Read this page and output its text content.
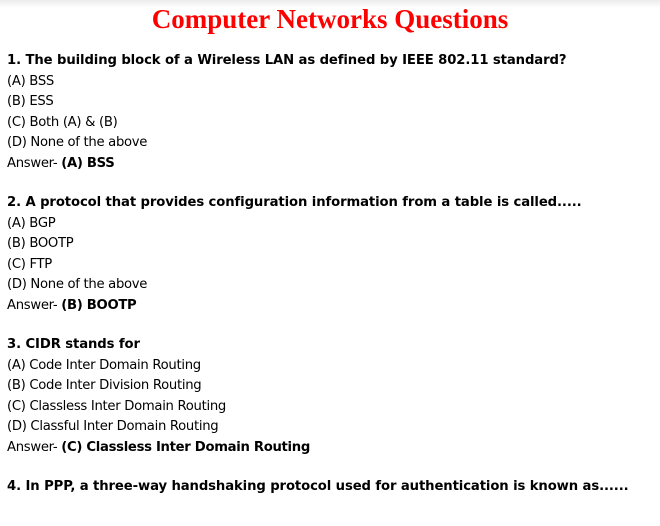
Computer Networks Questions
1. The building block of a Wireless LAN as defined by IEEE 802.11 standard?
(A) BSS
(B) ESS
(C) Both (A) & (B)
(D) None of the above
Answer- (A) BSS
2. A protocol that provides configuration information from a table is called.....
(A) BGP
(B) BOOTP
(C) FTP
(D) None of the above
Answer- (B) BOOTP
3. CIDR stands for
(A) Code Inter Domain Routing
(B) Code Inter Division Routing
(C) Classless Inter Domain Routing
(D) Classful Inter Domain Routing
Answer- (C) Classless Inter Domain Routing
4. In PPP, a three-way handshaking protocol used for authentication is known as......
